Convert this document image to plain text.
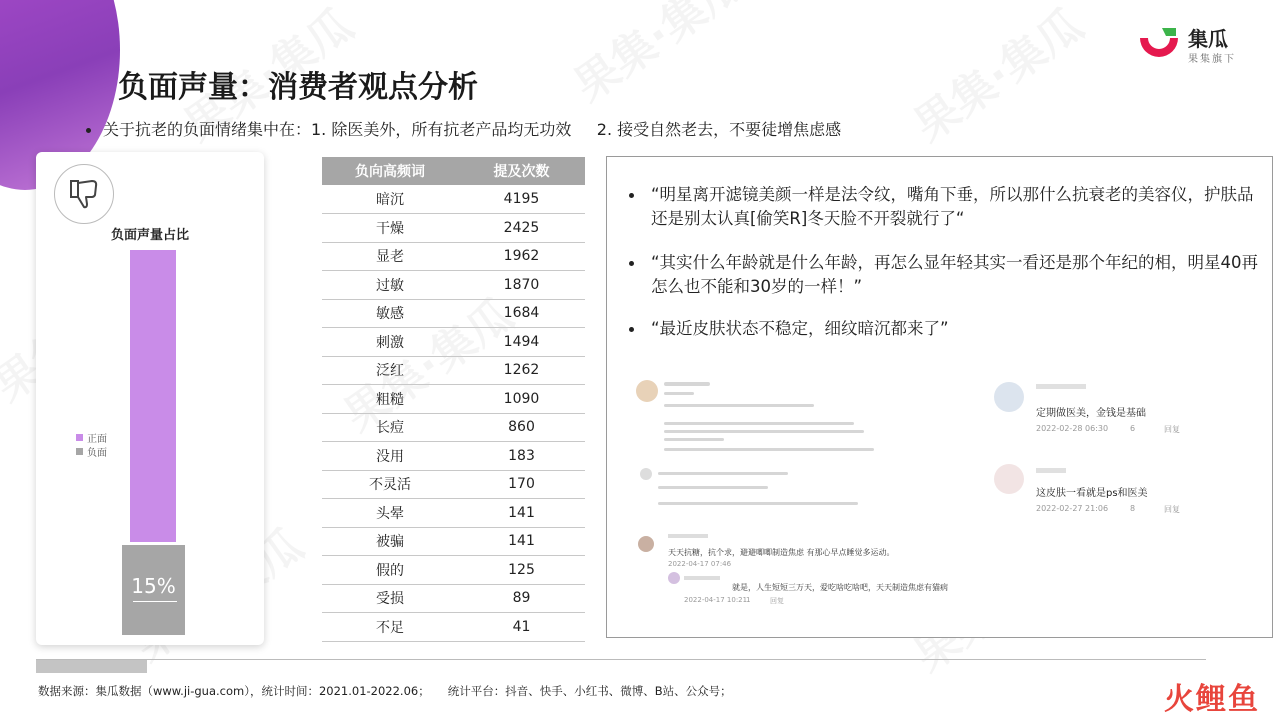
集瓜
果集旗下
负面声量：消费者观点分析
关于抗老的负面情绪集中在：1. 除医美外，所有抗老产品均无功效     2. 接受自然老去，不要徒增焦虑感
负面声量占比
15%
正面
负面
负向高频词	提及次数
暗沉	4195
干燥	2425
显老	1962
过敏	1870
敏感	1684
刺激	1494
泛红	1262
粗糙	1090
长痘	860
没用	183
不灵活	170
头晕	141
被骗	141
假的	125
受损	89
不足	41
“明星离开滤镜美颜一样是法令纹，嘴角下垂，所以那什么抗衰老的美容仪，护肤品还是别太认真[偷笑R]冬天脸不开裂就行了“
“其实什么年龄就是什么年龄，再怎么显年轻其实一看还是那个年纪的相，明星40再怎么也不能和30岁的一样！”
“最近皮肤状态不稳定，细纹暗沉都来了”
天天抗糖，抗个求，避避唧唧制造焦虑 有那心早点睡觉多运动。
2022-04-17 07:46
就是，人生短短三万天，爱吃啥吃啥吧，天天制造焦虑有猫病
2022-04-17 10:21
1	回复
定期做医美，金钱是基础
2022-02-28 06:30	6	回复
这皮肤一看就是ps和医美
2022-02-27 21:06	8	回复
数据来源：集瓜数据（www.ji-gua.com），统计时间：2021.01-2022.06； 统计平台：抖音、快手、小红书、微博、B站、公众号；	火鲤鱼
